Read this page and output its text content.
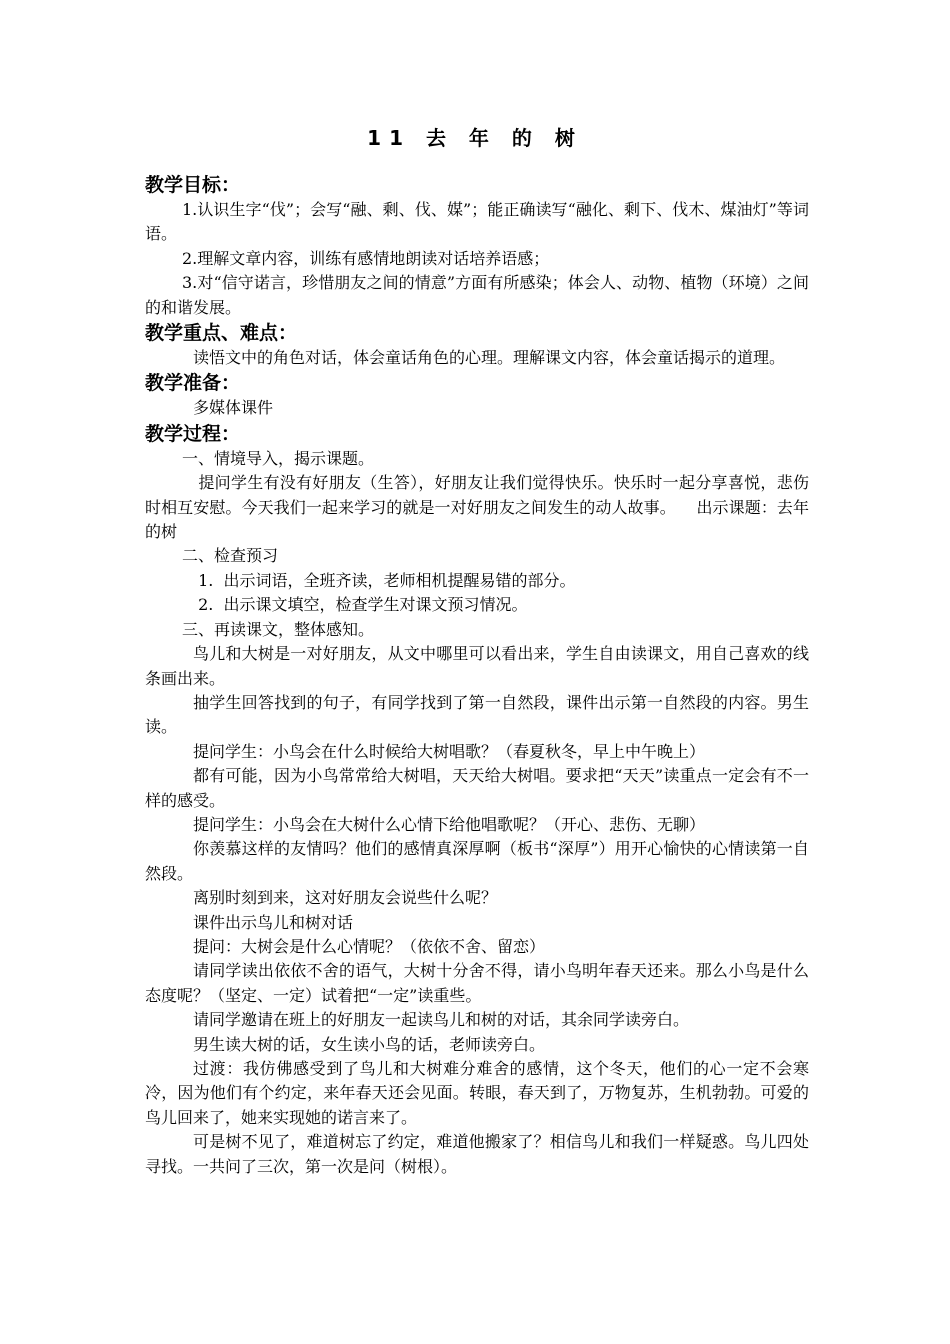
11 去 年 的 树
教学目标：

1.认识生字“伐”；会写“融、剩、伐、媒”；能正确读写“融化、剩下、伐木、煤油灯”等词语。

2.理解文章内容，训练有感情地朗读对话培养语感；

3.对“信守诺言，珍惜朋友之间的情意”方面有所感染；体会人、动物、植物（环境）之间的和谐发展。

教学重点、难点：

读悟文中的角色对话，体会童话角色的心理。理解课文内容，体会童话揭示的道理。

教学准备：

多媒体课件

教学过程：

一、情境导入，揭示课题。

提问学生有没有好朋友（生答），好朋友让我们觉得快乐。快乐时一起分享喜悦，悲伤时相互安慰。今天我们一起来学习的就是一对好朋友之间发生的动人故事。    出示课题：去年的树

二、检查预习

1.  出示词语，全班齐读，老师相机提醒易错的部分。

2.  出示课文填空，检查学生对课文预习情况。

三、再读课文，整体感知。

鸟儿和大树是一对好朋友，从文中哪里可以看出来，学生自由读课文，用自己喜欢的线条画出来。

抽学生回答找到的句子，有同学找到了第一自然段，课件出示第一自然段的内容。男生读。

提问学生：小鸟会在什么时候给大树唱歌？（春夏秋冬，早上中午晚上）

都有可能，因为小鸟常常给大树唱，天天给大树唱。要求把“天天”读重点一定会有不一样的感受。

提问学生：小鸟会在大树什么心情下给他唱歌呢？（开心、悲伤、无聊）

你羡慕这样的友情吗？他们的感情真深厚啊（板书“深厚”）用开心愉快的心情读第一自然段。

离别时刻到来，这对好朋友会说些什么呢？

课件出示鸟儿和树对话

提问：大树会是什么心情呢？（依依不舍、留恋）

请同学读出依依不舍的语气，大树十分舍不得，请小鸟明年春天还来。那么小鸟是什么态度呢？（坚定、一定）试着把“一定”读重些。

请同学邀请在班上的好朋友一起读鸟儿和树的对话，其余同学读旁白。

男生读大树的话，女生读小鸟的话，老师读旁白。

过渡：我仿佛感受到了鸟儿和大树难分难舍的感情，这个冬天，他们的心一定不会寒冷，因为他们有个约定，来年春天还会见面。转眼，春天到了，万物复苏，生机勃勃。可爱的鸟儿回来了，她来实现她的诺言来了。

可是树不见了，难道树忘了约定，难道他搬家了？相信鸟儿和我们一样疑惑。鸟儿四处寻找。一共问了三次，第一次是问（树根）。
